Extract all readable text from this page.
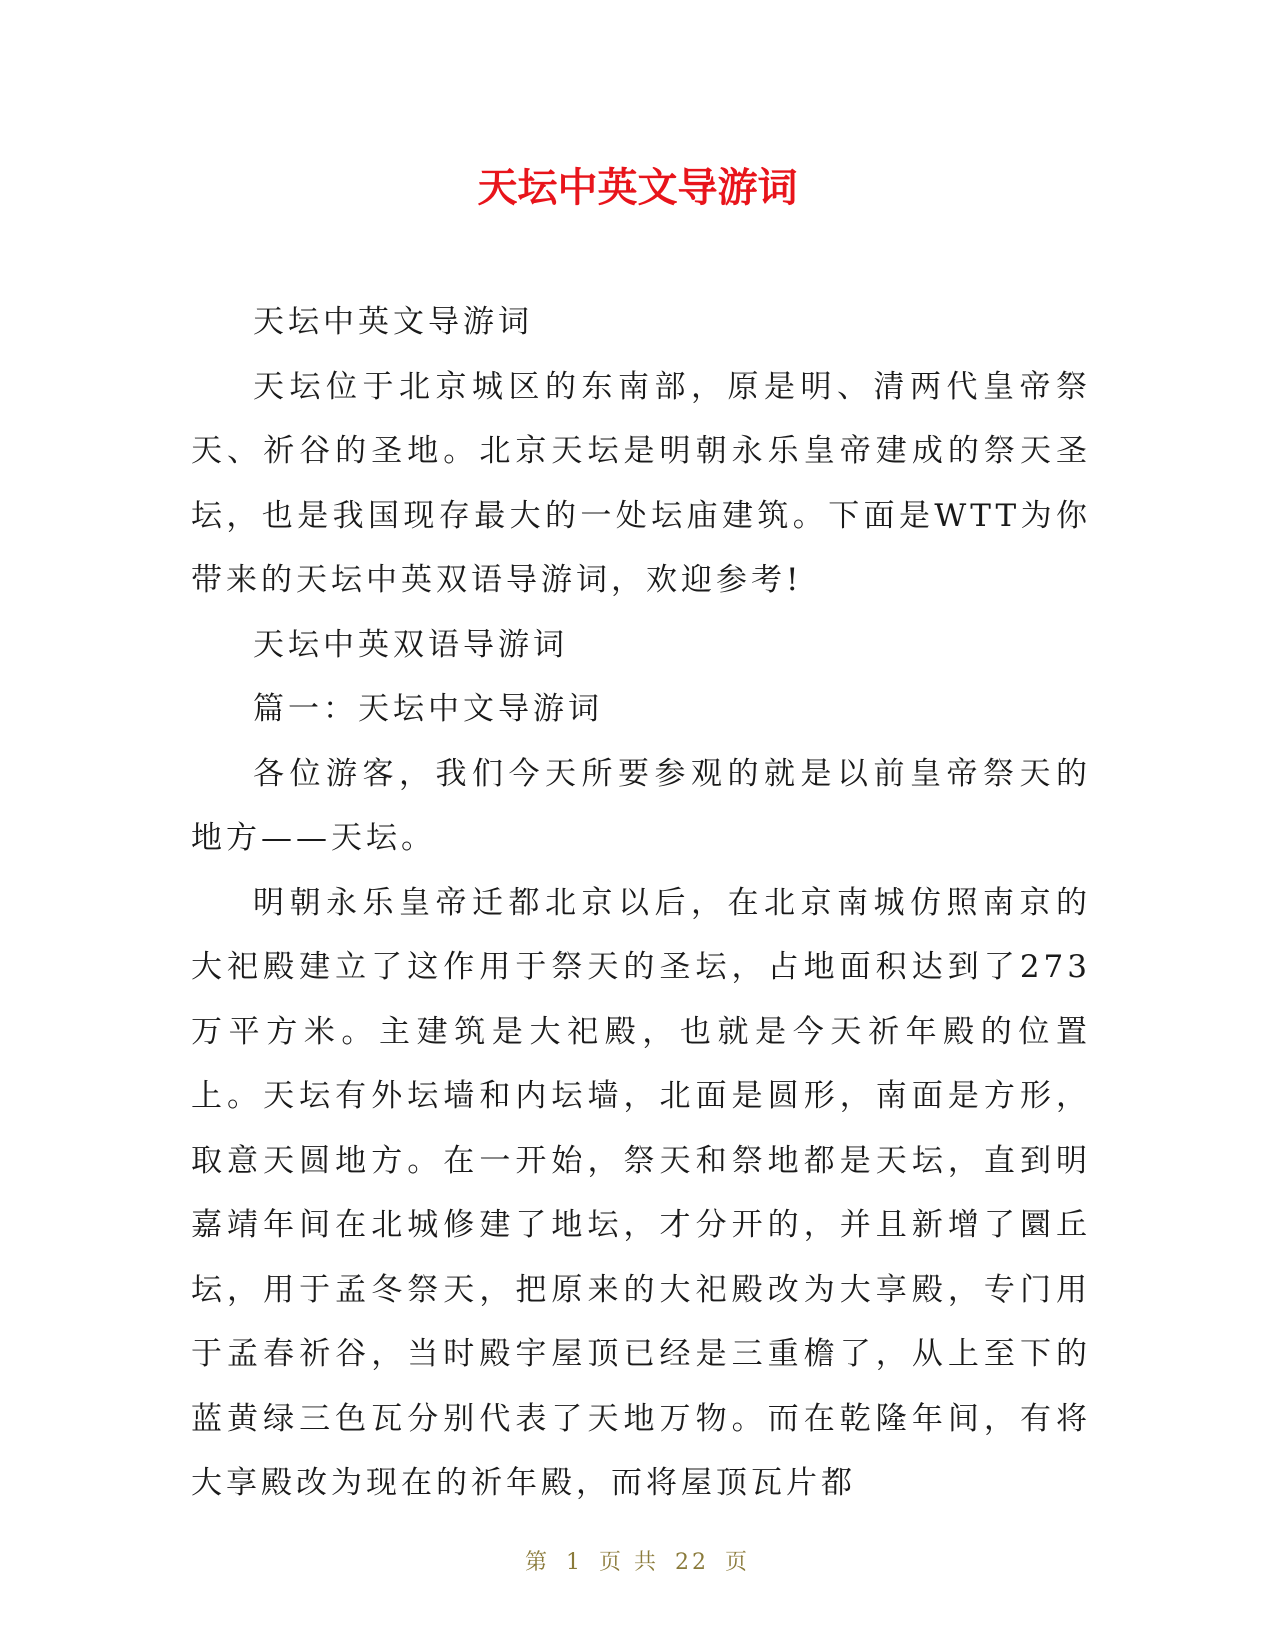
天坛中英文导游词

天坛中英文导游词

天坛位于北京城区的东南部，原是明、清两代皇帝祭天、祈谷的圣地。北京天坛是明朝永乐皇帝建成的祭天圣坛，也是我国现存最大的一处坛庙建筑。下面是WTT为你带来的天坛中英双语导游词，欢迎参考!

天坛中英双语导游词

篇一：天坛中文导游词

各位游客，我们今天所要参观的就是以前皇帝祭天的地方——天坛。

明朝永乐皇帝迁都北京以后，在北京南城仿照南京的大祀殿建立了这作用于祭天的圣坛，占地面积达到了273万平方米。主建筑是大祀殿，也就是今天祈年殿的位置上。天坛有外坛墙和内坛墙，北面是圆形，南面是方形，取意天圆地方。在一开始，祭天和祭地都是天坛，直到明嘉靖年间在北城修建了地坛，才分开的，并且新增了圜丘坛，用于孟冬祭天，把原来的大祀殿改为大享殿，专门用于孟春祈谷，当时殿宇屋顶已经是三重檐了，从上至下的蓝黄绿三色瓦分别代表了天地万物。而在乾隆年间，有将大享殿改为现在的祈年殿，而将屋顶瓦片都

第 1 页 共 22 页
